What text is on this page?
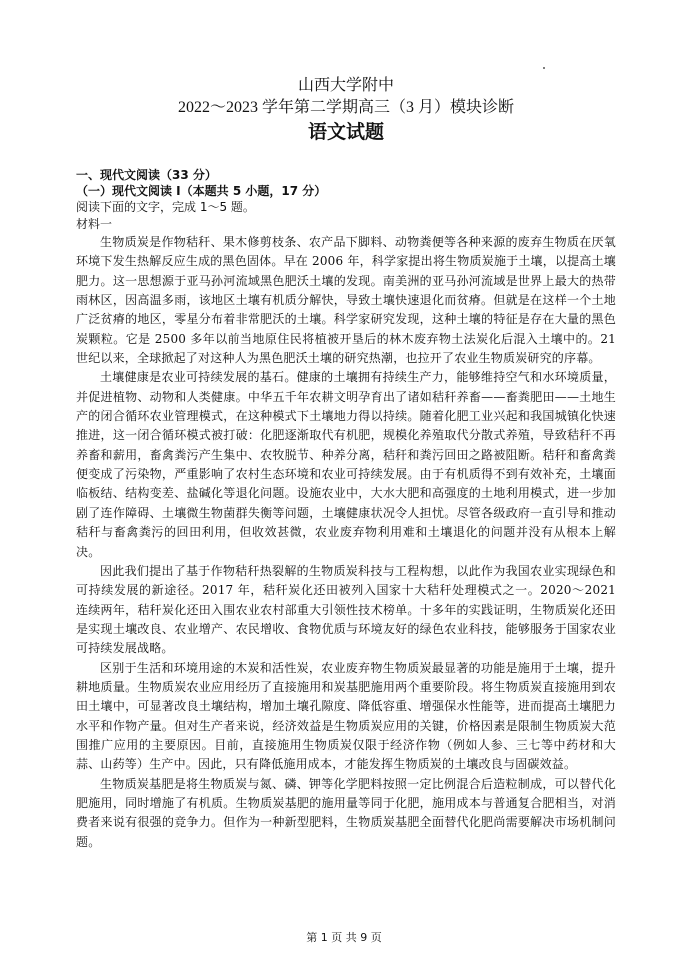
山西大学附中
2022～2023 学年第二学期高三（3 月）模块诊断
语文试题
一、现代文阅读（33 分）
（一）现代文阅读 I（本题共 5 小题，17 分）
阅读下面的文字，完成 1～5 题。
材料一

生物质炭是作物秸秆、果木修剪枝条、农产品下脚料、动物粪便等各种来源的废弃生物质在厌氧环境下发生热解反应生成的黑色固体。早在 2006 年，科学家提出将生物质炭施于土壤，以提高土壤肥力。这一思想源于亚马孙河流域黑色肥沃土壤的发现。南美洲的亚马孙河流域是世界上最大的热带雨林区，因高温多雨，该地区土壤有机质分解快，导致土壤快速退化而贫瘠。但就是在这样一个土地广泛贫瘠的地区，零星分布着非常肥沃的土壤。科学家研究发现，这种土壤的特征是存在大量的黑色炭颗粒。它是 2500 多年以前当地原住民将植被开垦后的林木废弃物土法炭化后混入土壤中的。21 世纪以来，全球掀起了对这种人为黑色肥沃土壤的研究热潮，也拉开了农业生物质炭研究的序幕。

土壤健康是农业可持续发展的基石。健康的土壤拥有持续生产力，能够维持空气和水环境质量，并促进植物、动物和人类健康。中华五千年农耕文明孕育出了诸如秸秆养畜——畜粪肥田——土地生产的闭合循环农业管理模式，在这种模式下土壤地力得以持续。随着化肥工业兴起和我国城镇化快速推进，这一闭合循环模式被打破：化肥逐渐取代有机肥，规模化养殖取代分散式养殖，导致秸秆不再养畜和薪用，畜禽粪污产生集中、农牧脱节、种养分离，秸秆和粪污回田之路被阻断。秸秆和畜禽粪便变成了污染物，严重影响了农村生态环境和农业可持续发展。由于有机质得不到有效补充，土壤面临板结、结构变差、盐碱化等退化问题。设施农业中，大水大肥和高强度的土地利用模式，进一步加剧了连作障碍、土壤微生物菌群失衡等问题，土壤健康状况令人担忧。尽管各级政府一直引导和推动秸秆与畜禽粪污的回田利用，但收效甚微，农业废弃物利用难和土壤退化的问题并没有从根本上解决。

因此我们提出了基于作物秸秆热裂解的生物质炭科技与工程构想，以此作为我国农业实现绿色和可持续发展的新途径。2017 年，秸秆炭化还田被列入国家十大秸秆处理模式之一。2020～2021 连续两年，秸秆炭化还田入围农业农村部重大引领性技术榜单。十多年的实践证明，生物质炭化还田是实现土壤改良、农业增产、农民增收、食物优质与环境友好的绿色农业科技，能够服务于国家农业可持续发展战略。

区别于生活和环境用途的木炭和活性炭，农业废弃物生物质炭最显著的功能是施用于土壤，提升耕地质量。生物质炭农业应用经历了直接施用和炭基肥施用两个重要阶段。将生物质炭直接施用到农田土壤中，可显著改良土壤结构，增加土壤孔隙度、降低容重、增强保水性能等，进而提高土壤肥力水平和作物产量。但对生产者来说，经济效益是生物质炭应用的关键，价格因素是限制生物质炭大范围推广应用的主要原因。目前，直接施用生物质炭仅限于经济作物（例如人参、三七等中药材和大蒜、山药等）生产中。因此，只有降低施用成本，才能发挥生物质炭的土壤改良与固碳效益。

生物质炭基肥是将生物质炭与氮、磷、钾等化学肥料按照一定比例混合后造粒制成，可以替代化肥施用，同时增施了有机质。生物质炭基肥的施用量等同于化肥，施用成本与普通复合肥相当，对消费者来说有很强的竞争力。但作为一种新型肥料，生物质炭基肥全面替代化肥尚需要解决市场机制问题。

第 1 页 共 9 页
